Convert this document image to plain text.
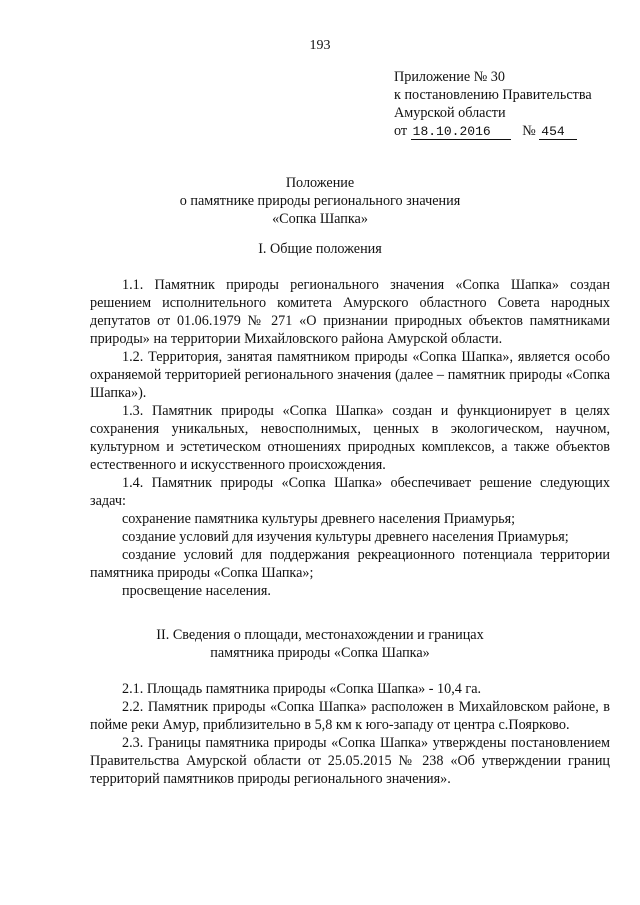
193
Приложение № 30
к постановлению Правительства
Амурской области
от 18.10.2016 № 454
Положение
о памятнике природы регионального значения
«Сопка Шапка»
I. Общие положения

1.1. Памятник природы регионального значения «Сопка Шапка» создан решением исполнительного комитета Амурского областного Совета народных депутатов от 01.06.1979 № 271 «О признании природных объектов памятниками природы» на территории Михайловского района Амурской области.

1.2. Территория, занятая памятником природы «Сопка Шапка», является особо охраняемой территорией регионального значения (далее – памятник природы «Сопка Шапка»).

1.3. Памятник природы «Сопка Шапка» создан и функционирует в целях сохранения уникальных, невосполнимых, ценных в экологическом, научном, культурном и эстетическом отношениях природных комплексов, а также объектов естественного и искусственного происхождения.

1.4. Памятник природы «Сопка Шапка» обеспечивает решение следующих задач:

сохранение памятника культуры древнего населения Приамурья;

создание условий для изучения культуры древнего населения Приамурья;

создание условий для поддержания рекреационного потенциала территории памятника природы «Сопка Шапка»;

просвещение населения.

II. Сведения о площади, местонахождении и границах
памятника природы «Сопка Шапка»

2.1. Площадь памятника природы «Сопка Шапка» - 10,4 га.

2.2. Памятник природы «Сопка Шапка» расположен в Михайловском районе, в пойме реки Амур, приблизительно в 5,8 км к юго-западу от центра с.Поярково.

2.3. Границы памятника природы «Сопка Шапка» утверждены постановлением Правительства Амурской области от 25.05.2015 № 238 «Об утверждении границ территорий памятников природы регионального значения».
